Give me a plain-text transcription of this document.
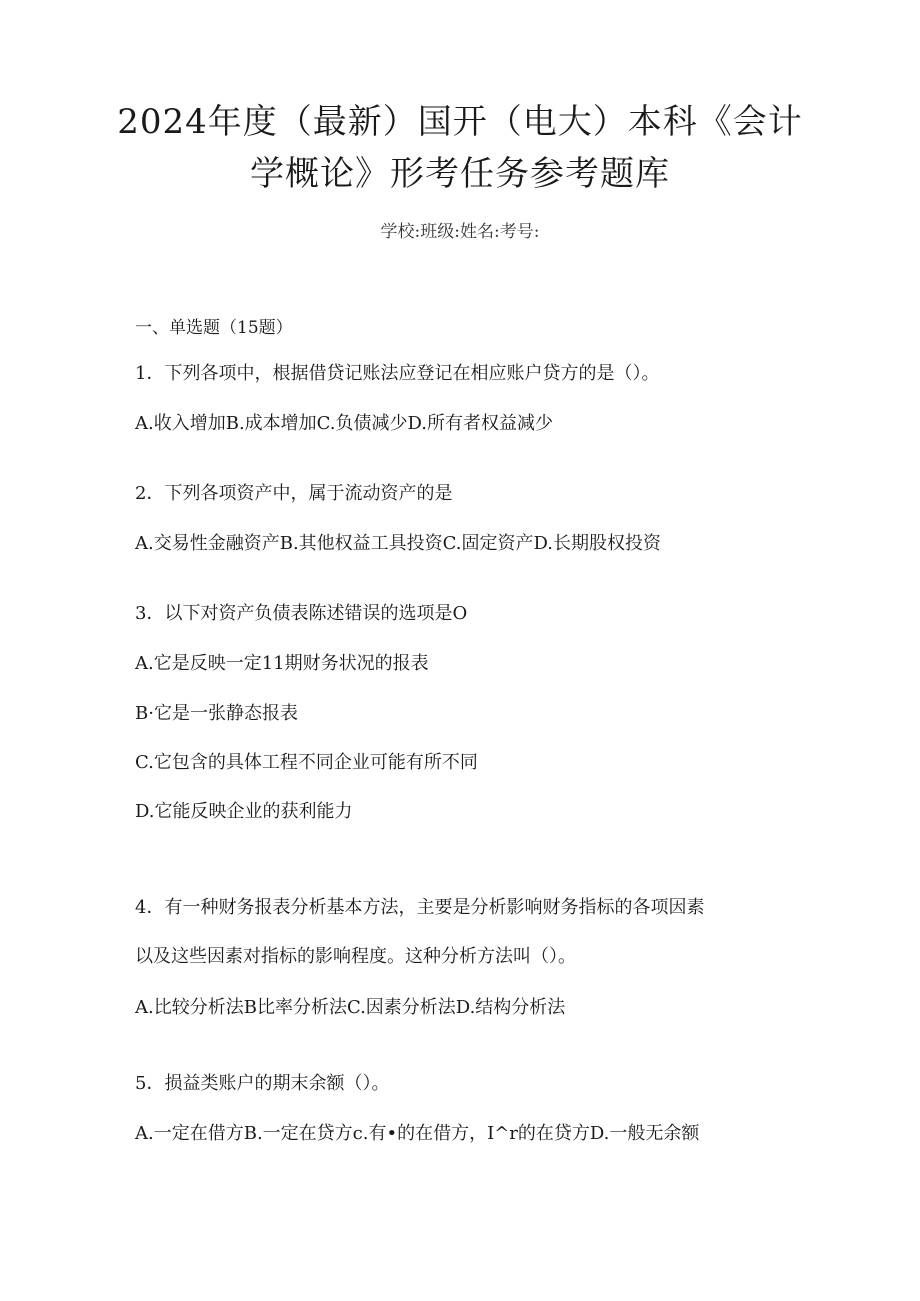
2024年度（最新）国开（电大）本科《会计
学概论》形考任务参考题库
学校:班级:姓名:考号:
一、单选题（15题）
1．下列各项中，根据借贷记账法应登记在相应账户贷方的是（）。
A.收入增加B.成本增加C.负债减少D.所有者权益减少
2．下列各项资产中，属于流动资产的是
A.交易性金融资产B.其他权益工具投资C.固定资产D.长期股权投资
3．以下对资产负债表陈述错误的选项是O
A.它是反映一定11期财务状况的报表
B·它是一张静态报表
C.它包含的具体工程不同企业可能有所不同
D.它能反映企业的获利能力
4．有一种财务报表分析基本方法，主要是分析影响财务指标的各项因素
以及这些因素对指标的影响程度。这种分析方法叫（）。
A.比较分析法B比率分析法C.因素分析法D.结构分析法
5．损益类账户的期末余额（）。
A.一定在借方B.一定在贷方c.有•的在借方，I^r的在贷方D.一般无余额
